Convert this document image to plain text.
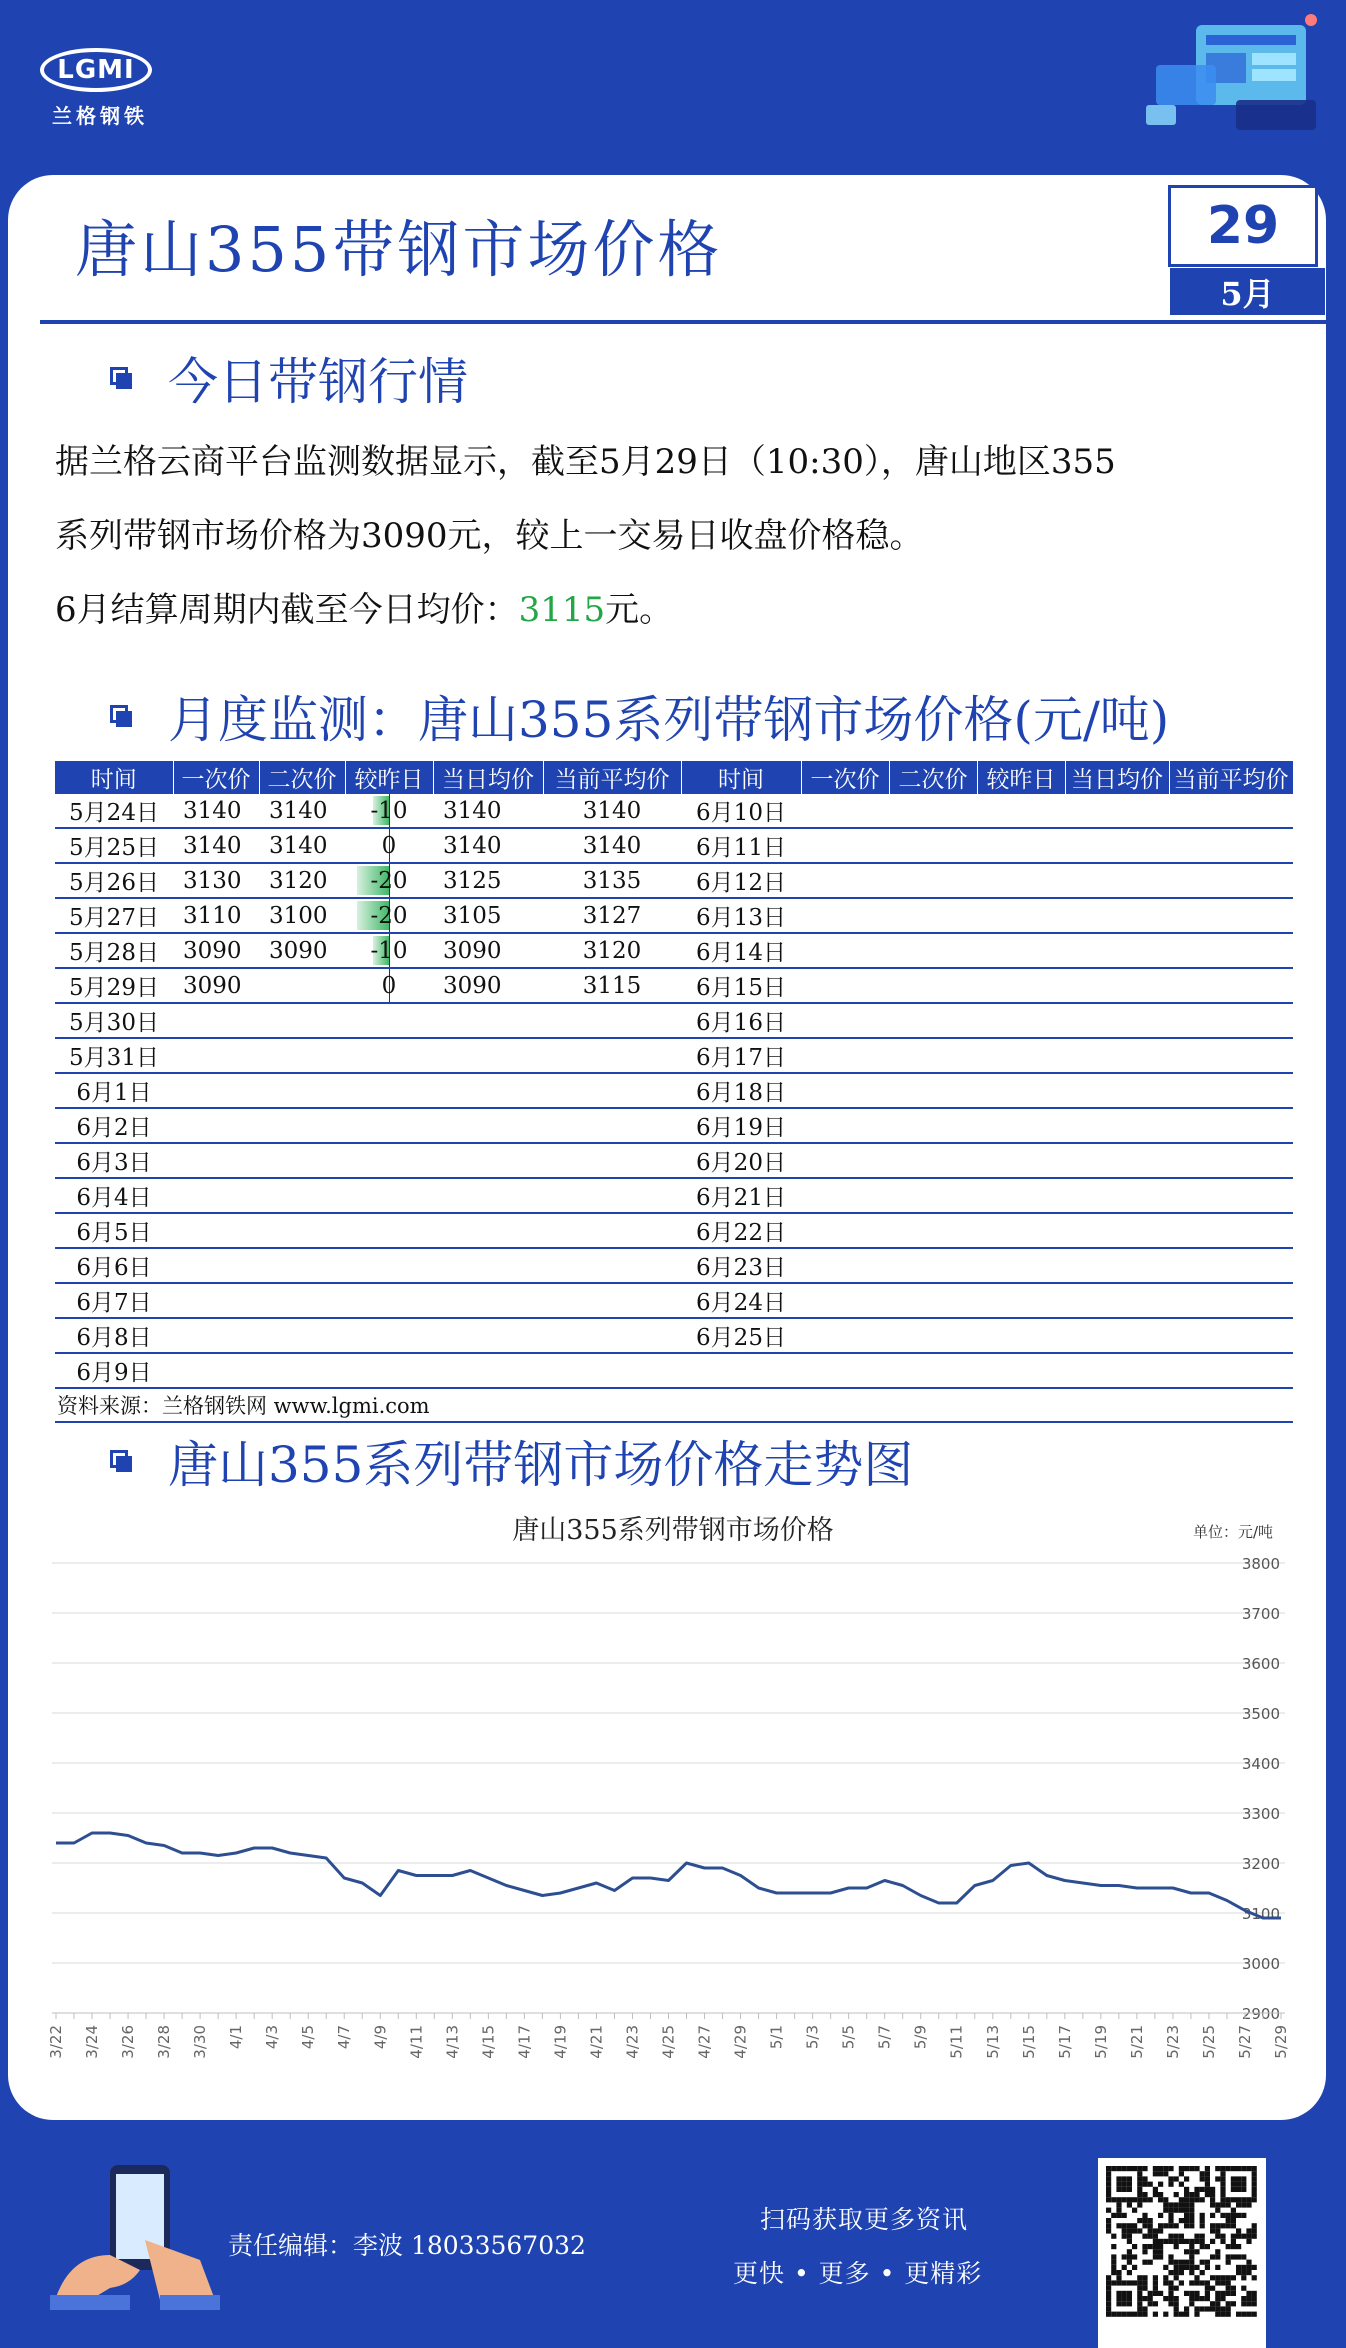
LGMI
兰格钢铁
唐山355带钢市场价格	29
5月
今日带钢行情
据兰格云商平台监测数据显示，截至5月29日（10:30），唐山地区355
系列带钢市场价格为3090元，较上一交易日收盘价格稳。
6月结算周期内截至今日均价：3115元。
月度监测：唐山355系列带钢市场价格(元/吨)
时间	一次价	二次价	较昨日	当日均价	当前平均价	时间	一次价	二次价	较昨日	当日均价	当前平均价
5月24日	3140	3140	-10	3140	3140	6月10日					
5月25日	3140	3140	0	3140	3140	6月11日					
5月26日	3130	3120	-20	3125	3135	6月12日					
5月27日	3110	3100	-20	3105	3127	6月13日					
5月28日	3090	3090	-10	3090	3120	6月14日					
5月29日	3090		0	3090	3115	6月15日					
5月30日						6月16日					
5月31日						6月17日					
6月1日						6月18日					
6月2日						6月19日					
6月3日						6月20日					
6月4日						6月21日					
6月5日						6月22日					
6月6日						6月23日					
6月7日						6月24日					
6月8日						6月25日					
6月9日											
资料来源：兰格钢铁网 www.lgmi.com											
唐山355系列带钢市场价格走势图
唐山355系列带钢市场价格	单位：元/吨
2900
3000
3100
3200
3300
3400
3500
3600
3700
3800
3/22 3/24 3/26 3/28 3/30 4/1 4/3 4/5 4/7 4/9 4/11 4/13 4/15 4/17 4/19 4/21 4/23 4/25 4/27 4/29 5/1 5/3 5/5 5/7 5/9 5/11 5/13 5/15 5/17 5/19 5/21 5/23 5/25 5/27 5/29
责任编辑：李波 18033567032
扫码获取更多资讯
更快 • 更多 • 更精彩
